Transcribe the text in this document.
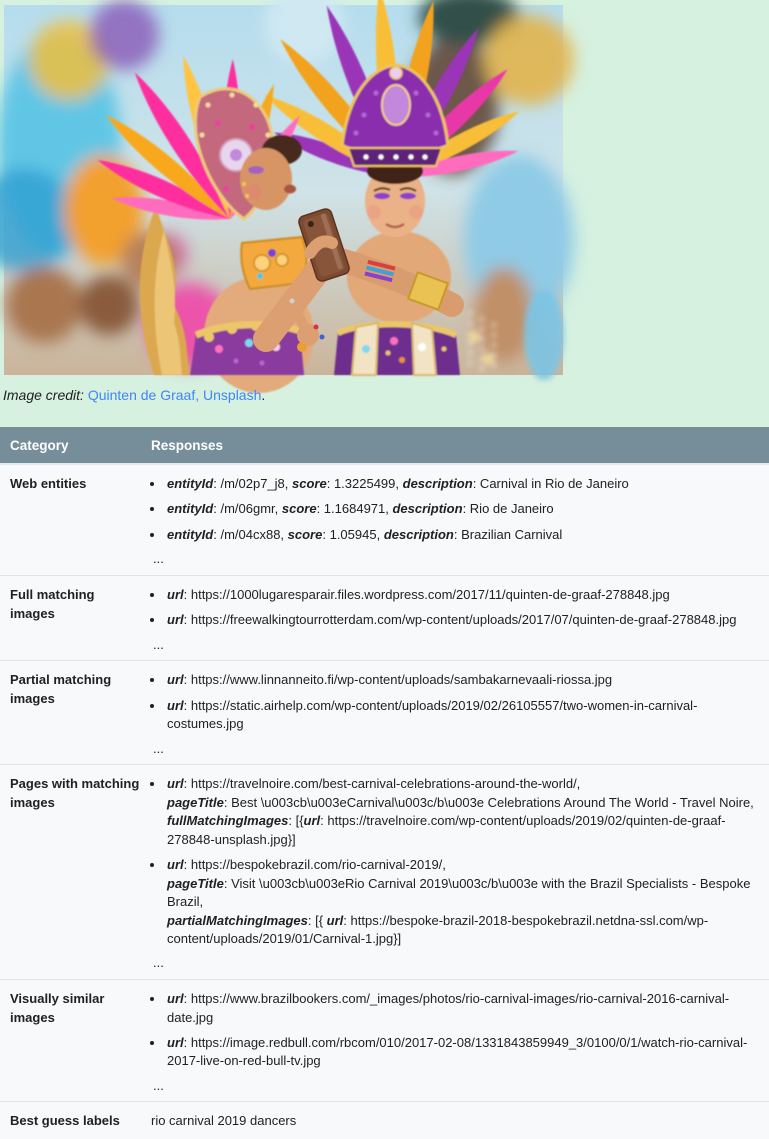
Image credit: Quinten de Graaf, Unsplash.

Category	Responses
Web entities	
•entityId: /m/02p7_j8, score: 1.3225499, description: Carnival in Rio de Janeiro
• entityId: /m/06gmr, score: 1.1684971, description: Rio de Janeiro
• entityId: /m/04cx88, score: 1.05945, description: Brazilian Carnival
...

Full matching images	
• url: https://1000lugaresparair.files.wordpress.com/2017/11/quinten-de-graaf-278848.jpg
• url: https://freewalkingtourrotterdam.com/wp-content/uploads/2017/07/quinten-de-graaf-278848.jpg
...

Partial matching images	
• url: https://www.linnanneito.fi/wp-content/uploads/sambakarnevaali-riossa.jpg
• url: https://static.airhelp.com/wp-content/uploads/2019/02/26105557/two-women-in-carnival-costumes.jpg
...

Pages with matching images	
• url: https://travelnoire.com/best-carnival-celebrations-around-the-world/,
pageTitle: Best \u003cb\u003eCarnival\u003c/b\u003e Celebrations Around The World - Travel Noire,
fullMatchingImages: [{url: https://travelnoire.com/wp-content/uploads/2019/02/quinten-de-graaf-278848-unsplash.jpg}]
• url: https://bespokebrazil.com/rio-carnival-2019/,
pageTitle: Visit \u003cb\u003eRio Carnival 2019\u003c/b\u003e with the Brazil Specialists - Bespoke Brazil,
partialMatchingImages: [{ url: https://bespoke-brazil-2018-bespokebrazil.netdna-ssl.com/wp-content/uploads/2019/01/Carnival-1.jpg}]
...

Visually similar images	
• url: https://www.brazilbookers.com/_images/photos/rio-carnival-images/rio-carnival-2016-carnival-date.jpg
• url: https://image.redbull.com/rbcom/010/2017-02-08/1331843859949_3/0100/0/1/watch-rio-carnival-2017-live-on-red-bull-tv.jpg
...

Best guess labels	rio carnival 2019 dancers
